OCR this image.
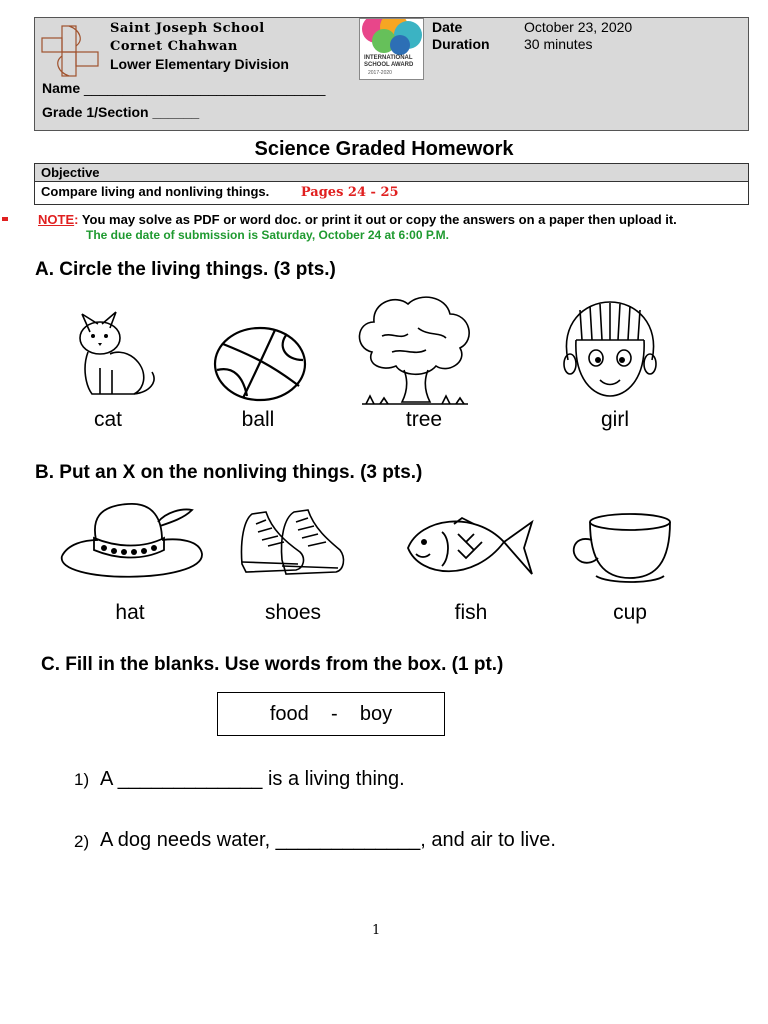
Saint Joseph School
Cornet Chahwan
Lower Elementary Division
Name _______________________________
Grade 1/Section ______
INTERNATIONAL SCHOOL AWARD
2017-2020
Date	October 23, 2020
Duration 30 minutes
Science Graded Homework
Objective
Compare living and nonliving things. Pages 24 - 25
NOTE: You may solve as PDF or word doc. or print it out or copy the answers on a paper then upload it.
The due date of submission is Saturday, October 24 at 6:00 P.M.
A. Circle the living things. (3 pts.)
cat	ball	tree	girl
B. Put an X on the nonliving things. (3 pts.)
hat	shoes	fish	cup
C. Fill in the blanks. Use words from the box. (1 pt.)
food    -    boy
1) A _____________ is a living thing.
2) A dog needs water, _____________, and air to live.
1
